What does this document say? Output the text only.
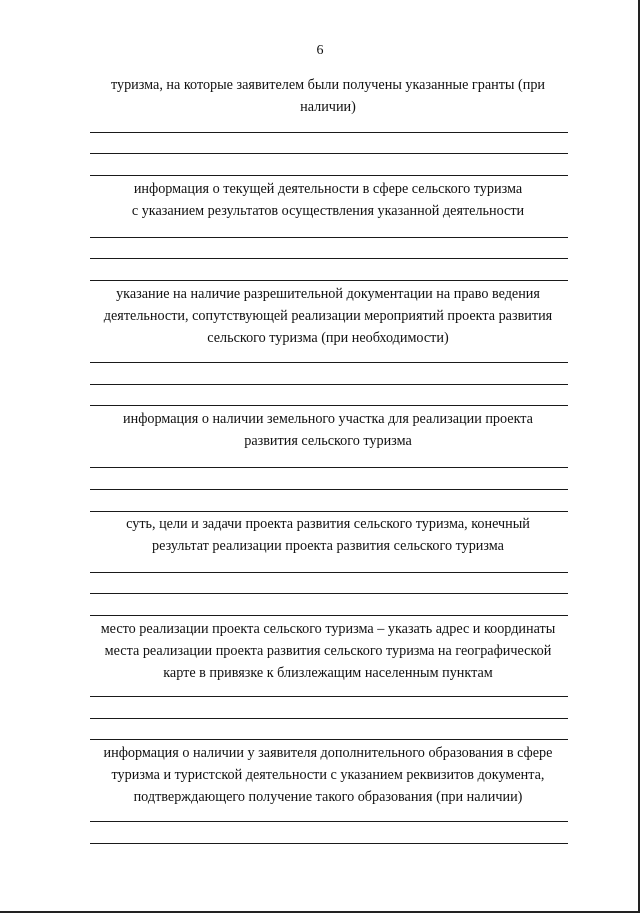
6
туризма, на которые заявителем были получены указанные гранты (при
наличии)
информация о текущей деятельности в сфере сельского туризма
с указанием результатов осуществления указанной деятельности
указание на наличие разрешительной документации на право ведения
деятельности, сопутствующей реализации мероприятий проекта развития
сельского туризма (при необходимости)
информация о наличии земельного участка для реализации проекта
развития сельского туризма
суть, цели и задачи проекта развития сельского туризма, конечный
результат реализации проекта развития сельского туризма
место реализации проекта сельского туризма – указать адрес и координаты
места реализации проекта развития сельского туризма на географической
карте в привязке к близлежащим населенным пунктам
информация о наличии у заявителя дополнительного образования в сфере
туризма и туристской деятельности с указанием реквизитов документа,
подтверждающего получение такого образования (при наличии)
